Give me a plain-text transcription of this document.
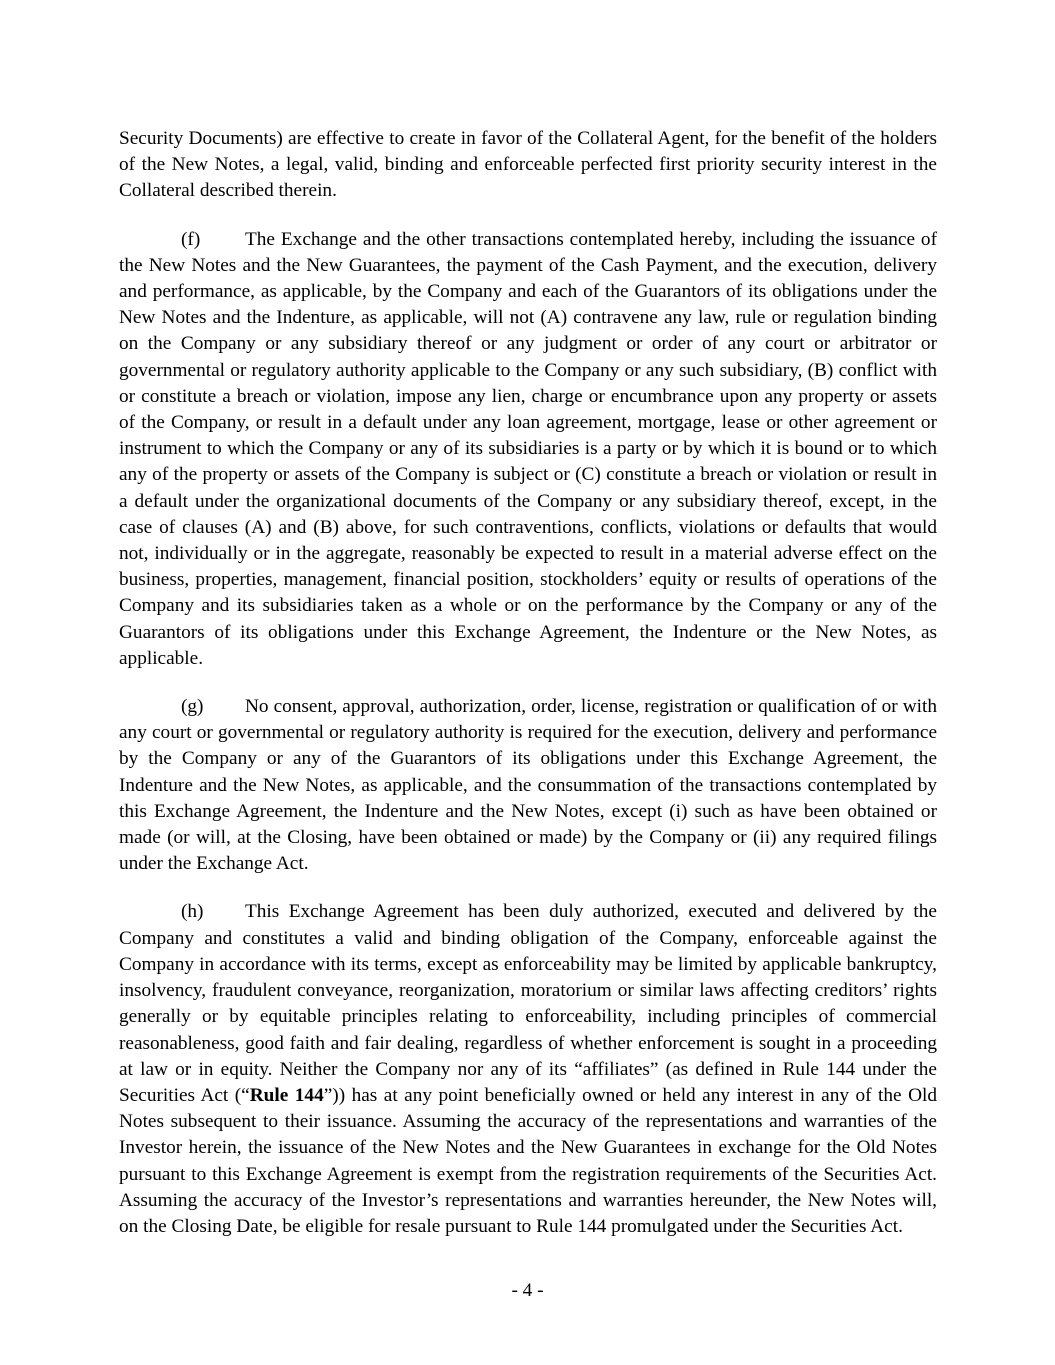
Security Documents) are effective to create in favor of the Collateral Agent, for the benefit of the holders of the New Notes, a legal, valid, binding and enforceable perfected first priority security interest in the Collateral described therein.

(f) The Exchange and the other transactions contemplated hereby, including the issuance of the New Notes and the New Guarantees, the payment of the Cash Payment, and the execution, delivery and performance, as applicable, by the Company and each of the Guarantors of its obligations under the New Notes and the Indenture, as applicable, will not (A) contravene any law, rule or regulation binding on the Company or any subsidiary thereof or any judgment or order of any court or arbitrator or governmental or regulatory authority applicable to the Company or any such subsidiary, (B) conflict with or constitute a breach or violation, impose any lien, charge or encumbrance upon any property or assets of the Company, or result in a default under any loan agreement, mortgage, lease or other agreement or instrument to which the Company or any of its subsidiaries is a party or by which it is bound or to which any of the property or assets of the Company is subject or (C) constitute a breach or violation or result in a default under the organizational documents of the Company or any subsidiary thereof, except, in the case of clauses (A) and (B) above, for such contraventions, conflicts, violations or defaults that would not, individually or in the aggregate, reasonably be expected to result in a material adverse effect on the business, properties, management, financial position, stockholders’ equity or results of operations of the Company and its subsidiaries taken as a whole or on the performance by the Company or any of the Guarantors of its obligations under this Exchange Agreement, the Indenture or the New Notes, as applicable.

(g) No consent, approval, authorization, order, license, registration or qualification of or with any court or governmental or regulatory authority is required for the execution, delivery and performance by the Company or any of the Guarantors of its obligations under this Exchange Agreement, the Indenture and the New Notes, as applicable, and the consummation of the transactions contemplated by this Exchange Agreement, the Indenture and the New Notes, except (i) such as have been obtained or made (or will, at the Closing, have been obtained or made) by the Company or (ii) any required filings under the Exchange Act.

(h) This Exchange Agreement has been duly authorized, executed and delivered by the Company and constitutes a valid and binding obligation of the Company, enforceable against the Company in accordance with its terms, except as enforceability may be limited by applicable bankruptcy, insolvency, fraudulent conveyance, reorganization, moratorium or similar laws affecting creditors’ rights generally or by equitable principles relating to enforceability, including principles of commercial reasonableness, good faith and fair dealing, regardless of whether enforcement is sought in a proceeding at law or in equity. Neither the Company nor any of its “affiliates” (as defined in Rule 144 under the Securities Act (“Rule 144”)) has at any point beneficially owned or held any interest in any of the Old Notes subsequent to their issuance. Assuming the accuracy of the representations and warranties of the Investor herein, the issuance of the New Notes and the New Guarantees in exchange for the Old Notes pursuant to this Exchange Agreement is exempt from the registration requirements of the Securities Act. Assuming the accuracy of the Investor’s representations and warranties hereunder, the New Notes will, on the Closing Date, be eligible for resale pursuant to Rule 144 promulgated under the Securities Act.

- 4 -
